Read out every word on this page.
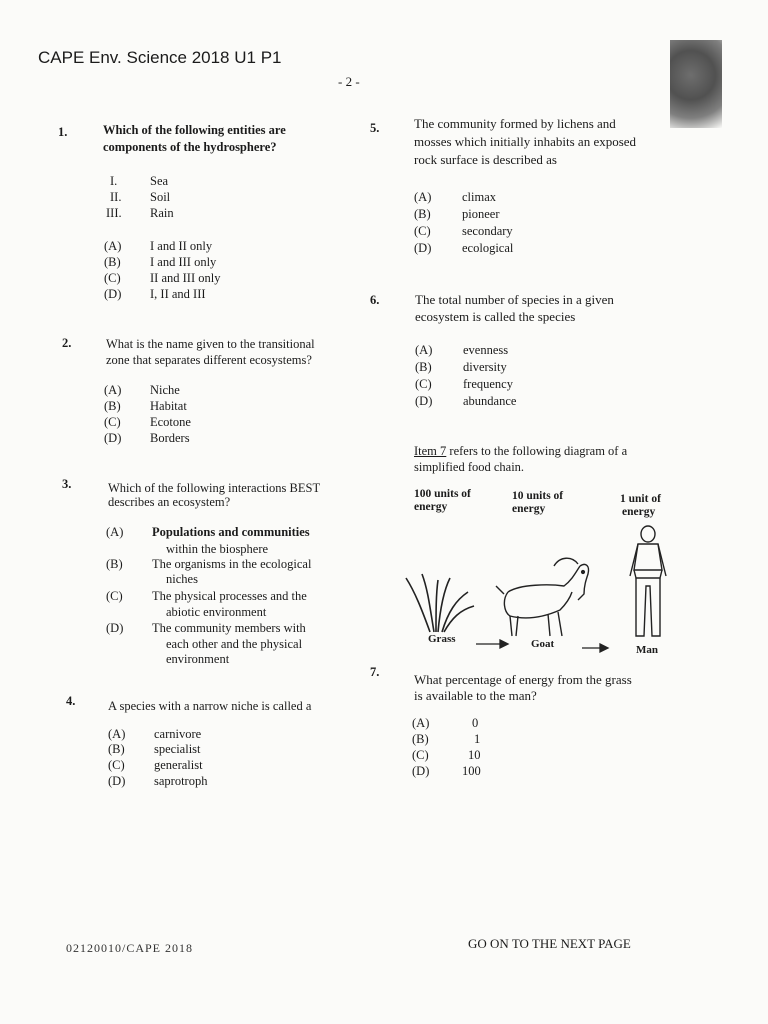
CAPE Env. Science 2018 U1 P1
- 2 -
1.	Which of the following entities are
components of the hydrosphere?
I.	Sea
II.	Soil
III.	Rain
(A)	I and II only
(B)	I and III only
(C)	II and III only
(D)	I, II and III
2.	What is the name given to the transitional
zone that separates different ecosystems?
(A)	Niche
(B)	Habitat
(C)	Ecotone
(D)	Borders
3.	Which of the following interactions BEST
describes an ecosystem?
(A)	Populations and communities
within the biosphere
(B)	The organisms in the ecological
niches
(C)	The physical processes and the
abiotic environment
(D)	The community members with
each other and the physical
environment
4.	A species with a narrow niche is called a
(A)	carnivore
(B)	specialist
(C)	generalist
(D)	saprotroph
5.	The community formed by lichens and
mosses which initially inhabits an exposed
rock surface is described as
(A)	climax
(B)	pioneer
(C)	secondary
(D)	ecological
6.	The total number of species in a given
ecosystem is called the species
(A)	evenness
(B)	diversity
(C)	frequency
(D)	abundance
Item 7 refers to the following diagram of a
simplified food chain.
100 units of
energy
10 units of
energy
1 unit of
energy
Grass	Goat	Man
7.	What percentage of energy from the grass
is available to the man?
(A)	0
(B)	1
(C)	10
(D)	100
02120010/CAPE 2018	GO ON TO THE NEXT PAGE
